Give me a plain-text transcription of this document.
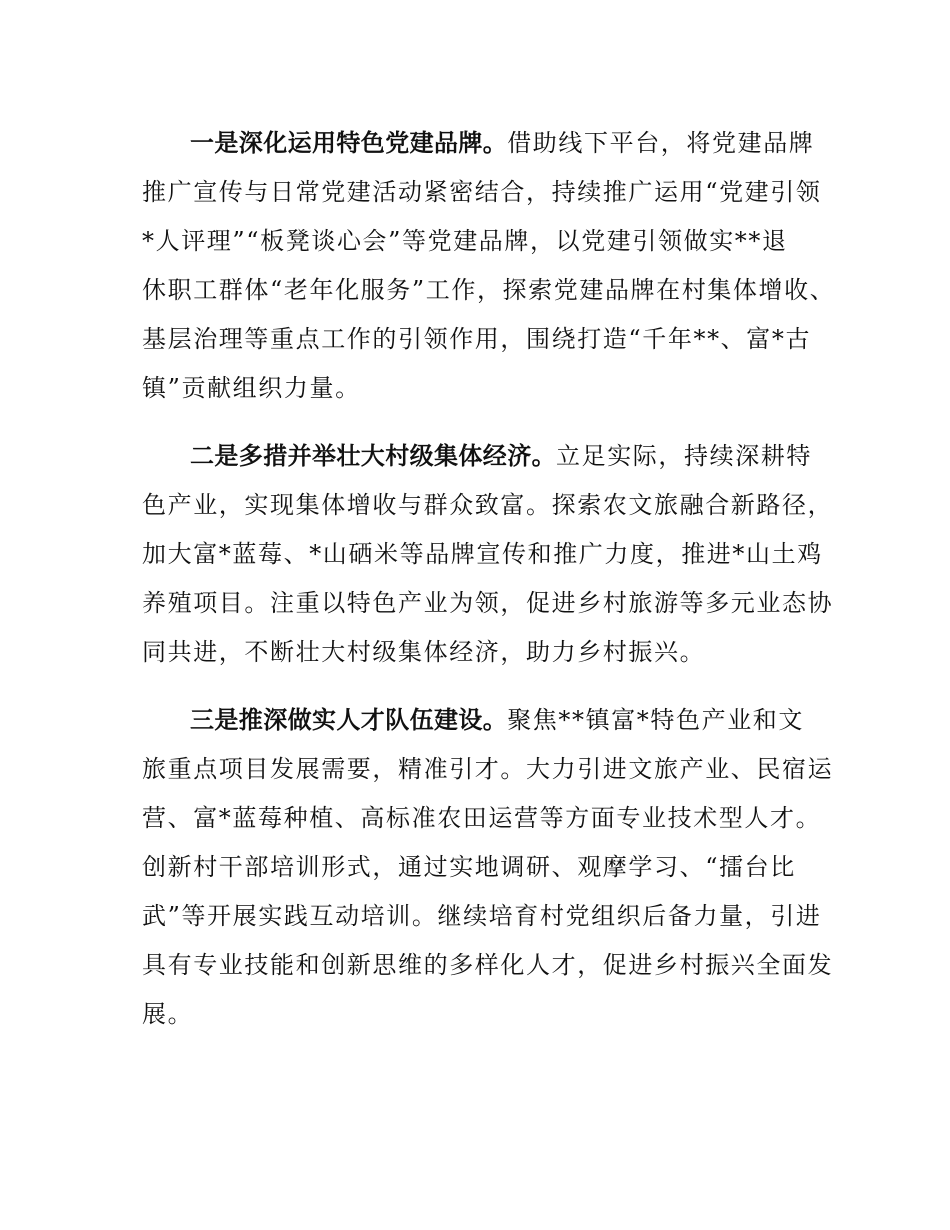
一是深化运用特色党建品牌。借助线下平台，将党建品牌
推广宣传与日常党建活动紧密结合，持续推广运用“党建引领
*人评理”“板凳谈心会”等党建品牌，以党建引领做实**退
休职工群体“老年化服务”工作，探索党建品牌在村集体增收、
基层治理等重点工作的引领作用，围绕打造“千年**、富*古
镇”贡献组织力量。
二是多措并举壮大村级集体经济。立足实际，持续深耕特
色产业，实现集体增收与群众致富。探索农文旅融合新路径，
加大富*蓝莓、*山硒米等品牌宣传和推广力度，推进*山土鸡
养殖项目。注重以特色产业为领，促进乡村旅游等多元业态协
同共进，不断壮大村级集体经济，助力乡村振兴。
三是推深做实人才队伍建设。聚焦**镇富*特色产业和文
旅重点项目发展需要，精准引才。大力引进文旅产业、民宿运
营、富*蓝莓种植、高标准农田运营等方面专业技术型人才。
创新村干部培训形式，通过实地调研、观摩学习、“擂台比
武”等开展实践互动培训。继续培育村党组织后备力量，引进
具有专业技能和创新思维的多样化人才，促进乡村振兴全面发
展。
